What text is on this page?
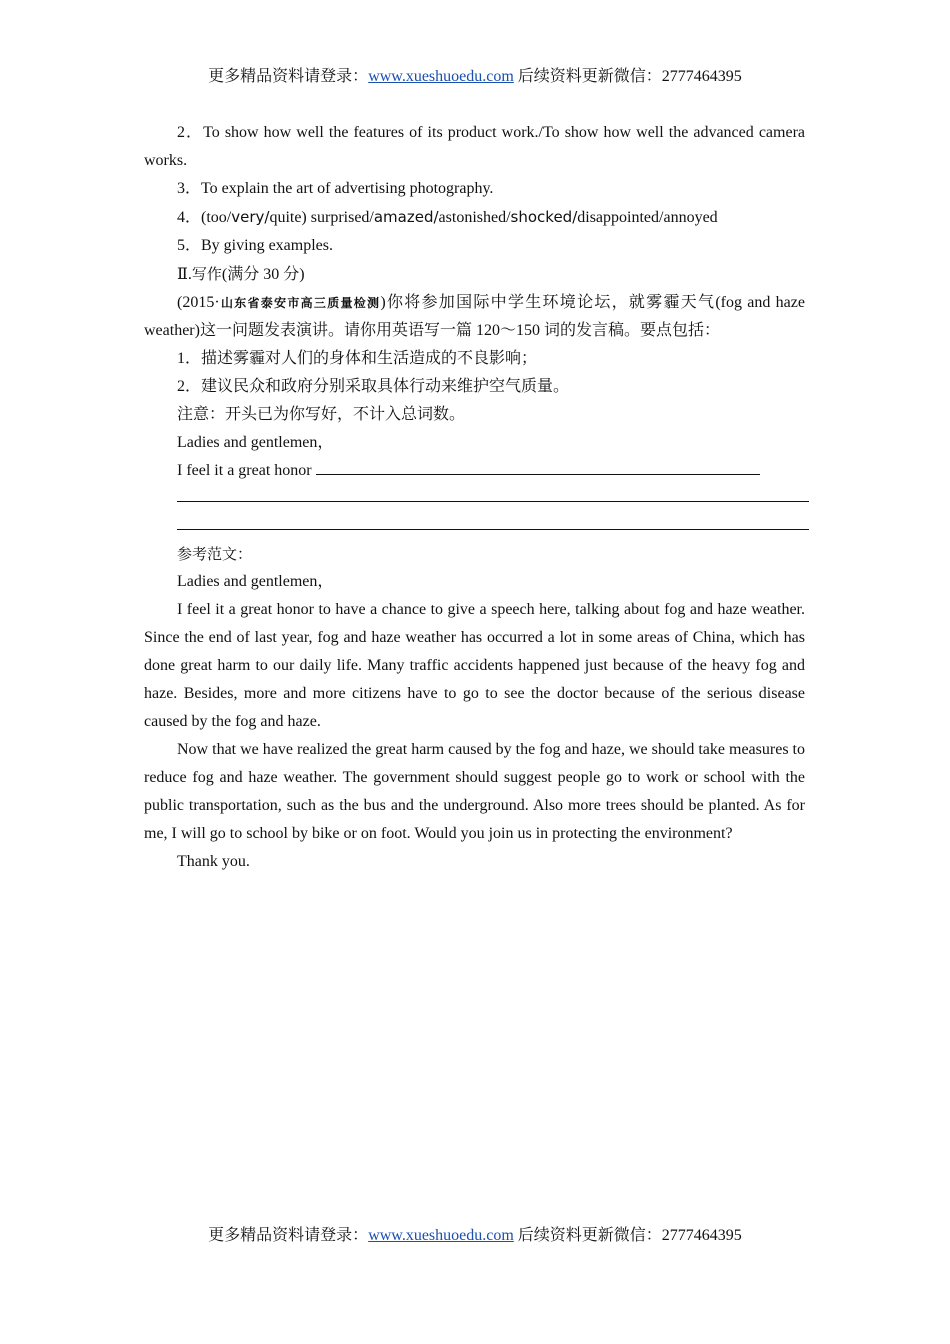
更多精品资料请登录：www.xueshuoedu.com 后续资料更新微信：2777464395

2．To show how well the features of its product work./To show how well the advanced camera works.

3．To explain the art of advertising photography.

4．(too/very/quite) surprised/amazed/astonished/shocked/disappointed/annoyed

5．By giving examples.

Ⅱ.写作(满分 30 分)

(2015·山东省泰安市高三质量检测)你将参加国际中学生环境论坛，就雾霾天气(fog and haze weather)这一问题发表演讲。请你用英语写一篇 120～150 词的发言稿。要点包括：

1．描述雾霾对人们的身体和生活造成的不良影响；

2．建议民众和政府分别采取具体行动来维护空气质量。

注意：开头已为你写好，不计入总词数。

Ladies and gentlemen，

I feel it a great honor

参考范文：

Ladies and gentlemen，

I feel it a great honor to have a chance to give a speech here, talking about fog and haze weather. Since the end of last year, fog and haze weather has occurred a lot in some areas of China, which has done great harm to our daily life. Many traffic accidents happened just because of the heavy fog and haze. Besides, more and more citizens have to go to see the doctor because of the serious disease caused by the fog and haze.

Now that we have realized the great harm caused by the fog and haze, we should take measures to reduce fog and haze weather. The government should suggest people go to work or school with the public transportation, such as the bus and the underground. Also more trees should be planted. As for me, I will go to school by bike or on foot. Would you join us in protecting the environment?

Thank you.

更多精品资料请登录：www.xueshuoedu.com 后续资料更新微信：2777464395
